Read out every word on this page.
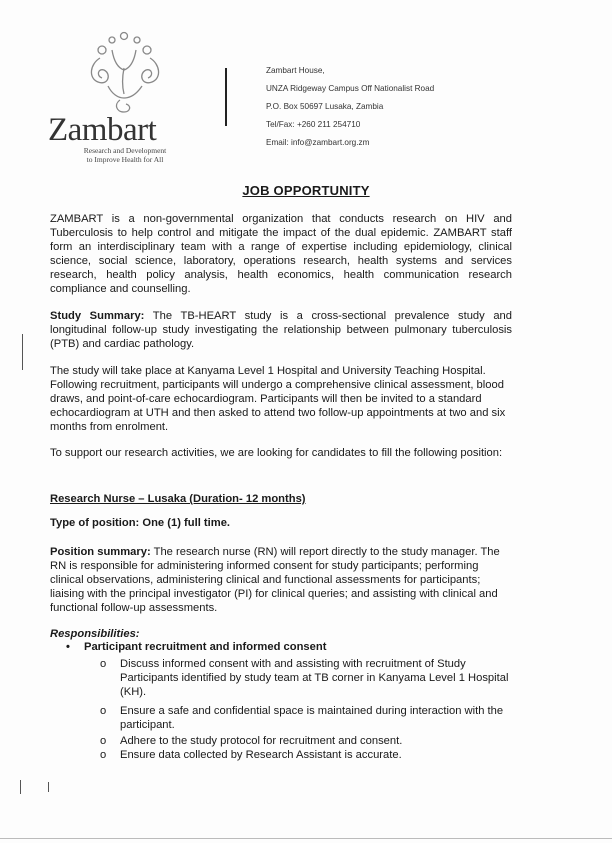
Zambart
Research and Development
to Improve Health for All
Zambart House,
UNZA Ridgeway Campus Off Nationalist Road
P.O. Box 50697 Lusaka, Zambia
Tel/Fax: +260 211 254710
Email: info@zambart.org.zm
JOB OPPORTUNITY
ZAMBART is a non-governmental organization that conducts research on HIV and Tuberculosis to help control and mitigate the impact of the dual epidemic. ZAMBART staff form an interdisciplinary team with a range of expertise including epidemiology, clinical science, social science, laboratory, operations research, health systems and services research, health policy analysis, health economics, health communication research compliance and counselling.
Study Summary: The TB-HEART study is a cross-sectional prevalence study and longitudinal follow-up study investigating the relationship between pulmonary tuberculosis (PTB) and cardiac pathology.
The study will take place at Kanyama Level 1 Hospital and University Teaching Hospital. Following recruitment, participants will undergo a comprehensive clinical assessment, blood draws, and point-of-care echocardiogram. Participants will then be invited to a standard echocardiogram at UTH and then asked to attend two follow-up appointments at two and six months from enrolment.
To support our research activities, we are looking for candidates to fill the following position:
Research Nurse – Lusaka (Duration- 12 months)
Type of position: One (1) full time.
Position summary: The research nurse (RN) will report directly to the study manager. The RN is responsible for administering informed consent for study participants; performing clinical observations, administering clinical and functional assessments for participants; liaising with the principal investigator (PI) for clinical queries; and assisting with clinical and functional follow-up assessments.
Responsibilities:
• Participant recruitment and informed consent
o	Discuss informed consent with and assisting with recruitment of Study Participants identified by study team at TB corner in Kanyama Level 1 Hospital (KH).
o	Ensure a safe and confidential space is maintained during interaction with the participant.
o	Adhere to the study protocol for recruitment and consent.
o	Ensure data collected by Research Assistant is accurate.
